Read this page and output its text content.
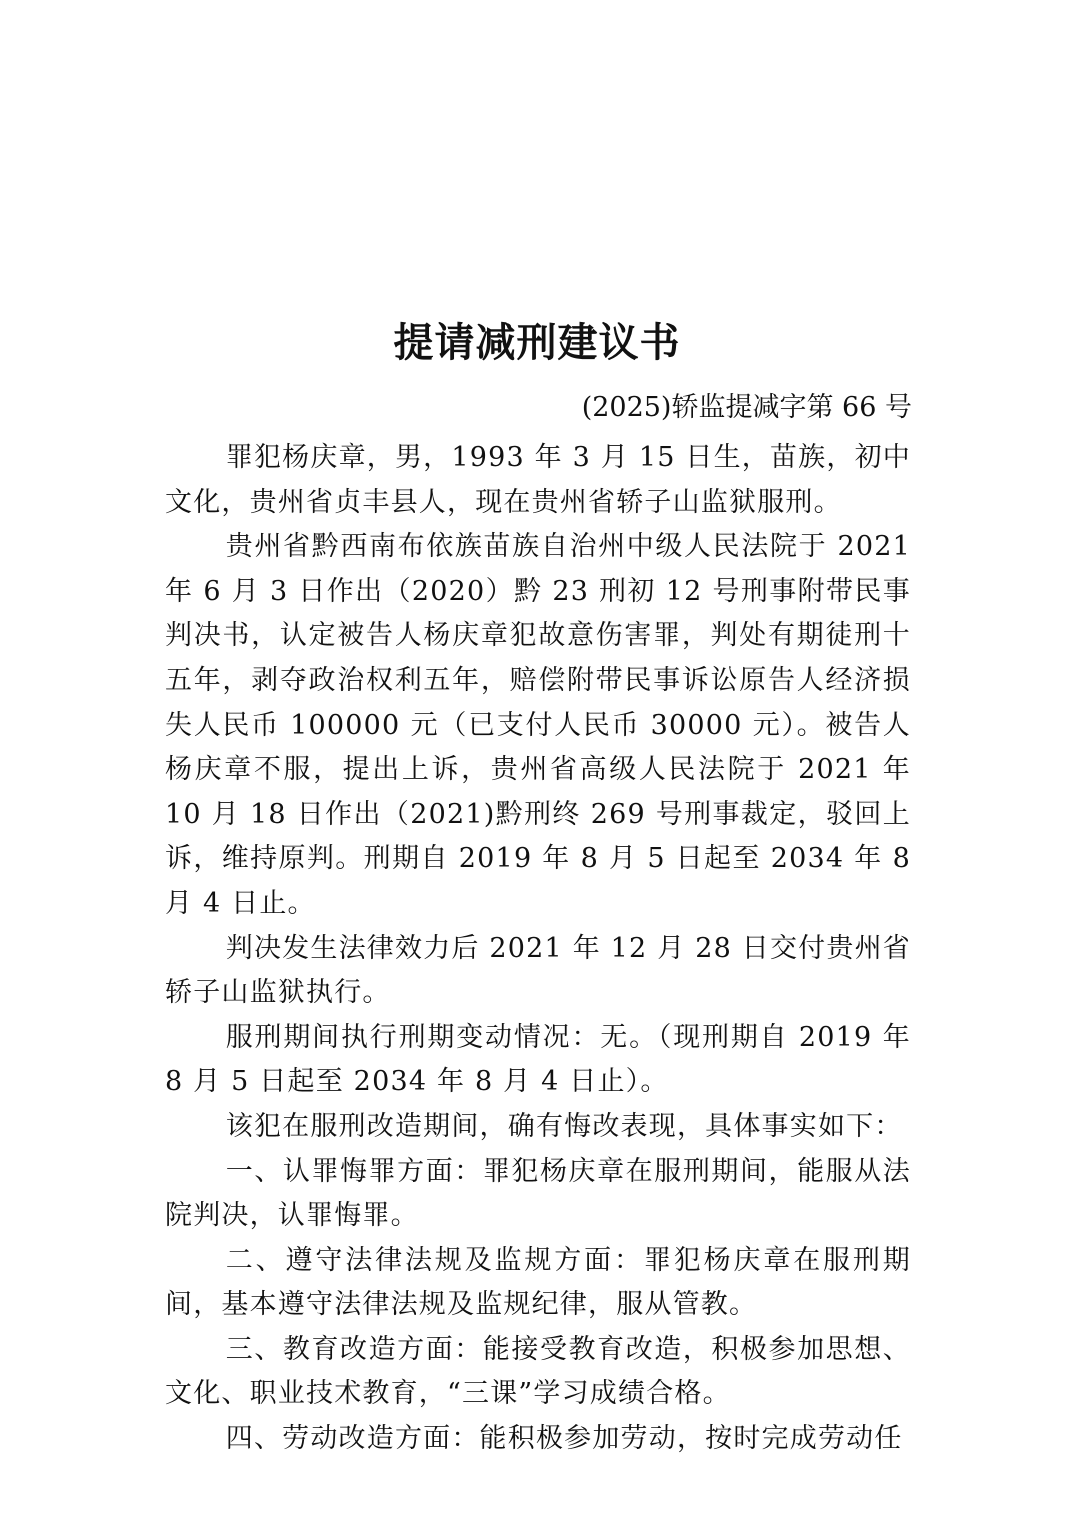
提请减刑建议书
(2025)轿监提减字第 66 号

罪犯杨庆章，男，1993 年 3 月 15 日生，苗族，初中文化，贵州省贞丰县人，现在贵州省轿子山监狱服刑。

贵州省黔西南布依族苗族自治州中级人民法院于 2021 年 6 月 3 日作出（2020）黔 23 刑初 12 号刑事附带民事判决书，认定被告人杨庆章犯故意伤害罪，判处有期徒刑十五年，剥夺政治权利五年，赔偿附带民事诉讼原告人经济损失人民币 100000 元（已支付人民币 30000 元）。被告人杨庆章不服，提出上诉，贵州省高级人民法院于 2021 年 10 月 18 日作出（2021)黔刑终 269 号刑事裁定，驳回上诉，维持原判。刑期自 2019 年 8 月 5 日起至 2034 年 8 月 4 日止。

判决发生法律效力后 2021 年 12 月 28 日交付贵州省轿子山监狱执行。

服刑期间执行刑期变动情况：无。（现刑期自 2019 年 8 月 5 日起至 2034 年 8 月 4 日止）。

该犯在服刑改造期间，确有悔改表现，具体事实如下：

一、认罪悔罪方面：罪犯杨庆章在服刑期间，能服从法院判决，认罪悔罪。

二、遵守法律法规及监规方面：罪犯杨庆章在服刑期间，基本遵守法律法规及监规纪律，服从管教。

三、教育改造方面：能接受教育改造，积极参加思想、文化、职业技术教育，“三课”学习成绩合格。

四、劳动改造方面：能积极参加劳动，按时完成劳动任
